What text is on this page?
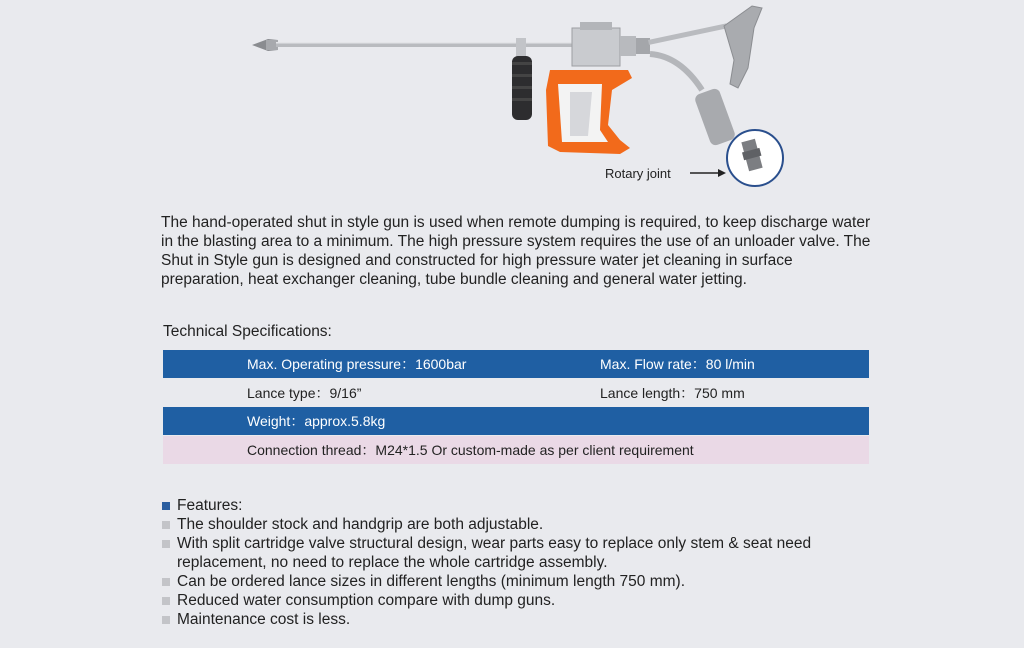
Rotary joint

The hand-operated shut in style gun is used when remote dumping is required, to keep discharge water in the blasting area to a minimum. The high pressure system requires the use of an unloader valve. The Shut in Style gun is designed and constructed for high pressure water jet cleaning in surface preparation, heat exchanger cleaning, tube bundle cleaning and general water jetting.

Technical Specifications:
Max. Operating pressure：1600bar	Max. Flow rate：80 l/min
Lance type：9/16”	Lance length：750 mm
Weight：approx.5.8kg
Connection thread：M24*1.5 Or custom-made as per client requirement
Features:
The shoulder stock and handgrip are both adjustable.
With split cartridge valve structural design, wear parts easy to replace only stem & seat need replacement, no need to replace the whole cartridge assembly.
Can be ordered lance sizes in different lengths (minimum length 750 mm).
Reduced water consumption compare with dump guns.
Maintenance cost is less.
